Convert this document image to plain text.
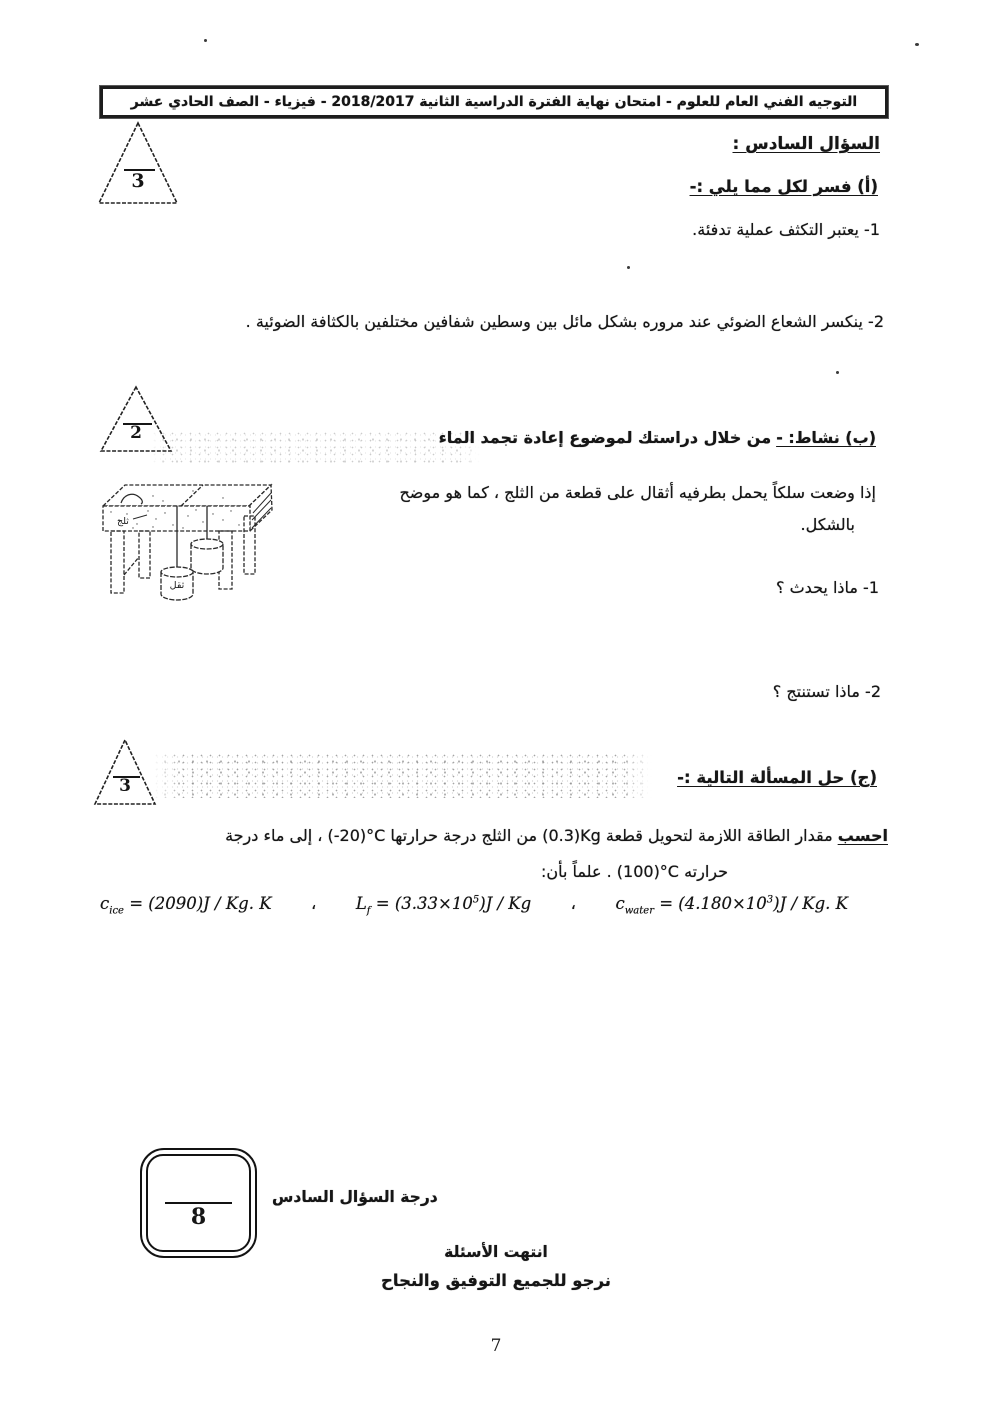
التوجيه الفني العام للعلوم - امتحان نهاية الفترة الدراسية الثانية 2018/2017 - فيزياء - الصف الحادي عشر
السؤال السادس :
3	(أ) فسر لكل مما يلي :-
1- يعتبر التكثف عملية تدفئة.
2- ينكسر الشعاع الضوئي عند مروره بشكل مائل بين وسطين شفافين مختلفين بالكثافة الضوئية .
2	(ب) نشاط: - من خلال دراستك لموضوع إعادة تجمد الماء
إذا وضعت سلكاً يحمل بطرفيه أثقال على قطعة من الثلج ، كما هو موضح
بالشكل.
1- ماذا يحدث ؟
2- ماذا تستنتج ؟
ثلج
ثقل
3	(ج) حل المسألة التالية :-
احسب مقدار الطاقة اللازمة لتحويل قطعة (0.3)Kg من الثلج درجة حرارتها (-20)°C ، إلى ماء درجة
حرارته (100)°C . علماً بأن:
$c_{ice} = (2090)J / Kg$. K ، $L_f = (3.33\times 10^5)J / Kg$ ، $c_{water} = (4.180\times 10^3)J / Kg$. K
8
درجة السؤال السادس
انتهت الأسئلة
نرجو للجميع التوفيق والنجاح
7
